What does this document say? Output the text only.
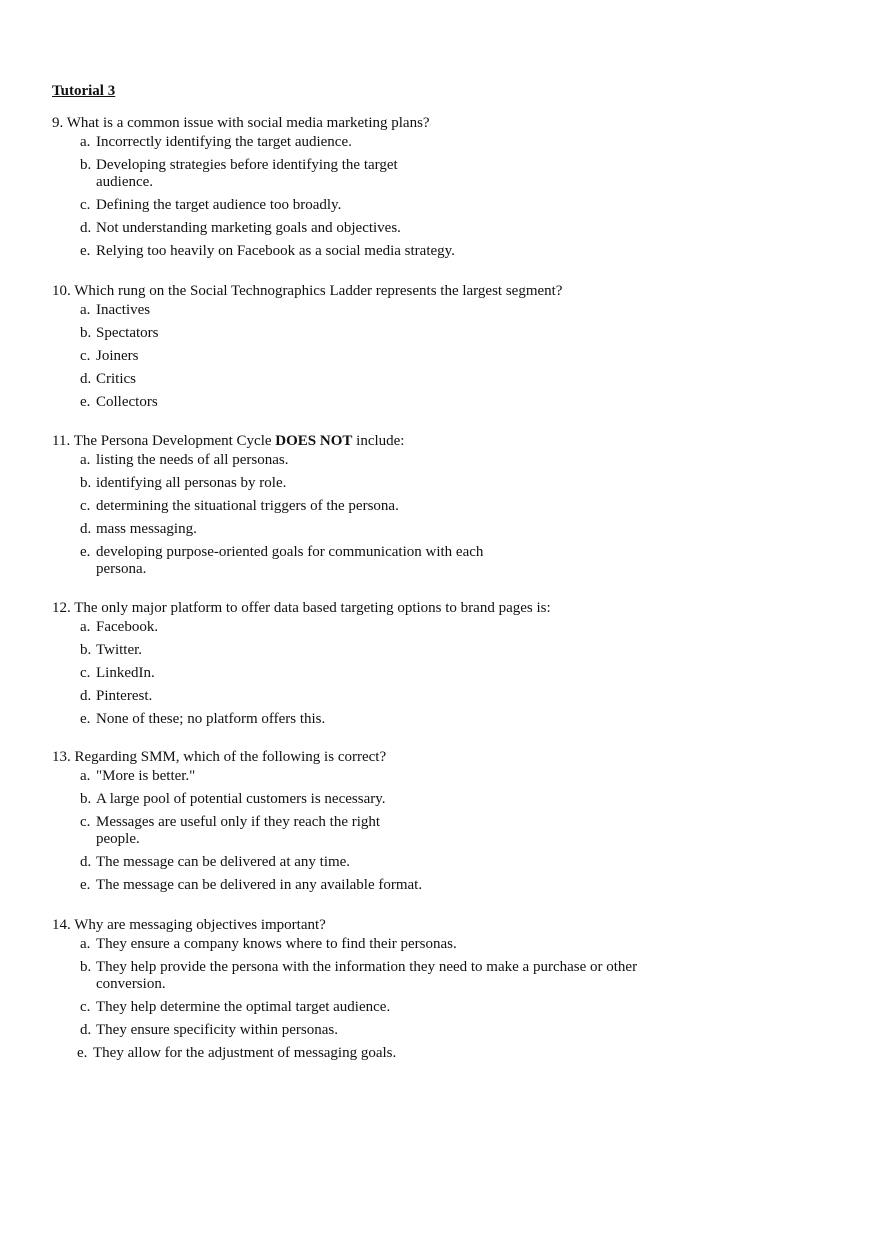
Tutorial 3

9. What is a common issue with social media marketing plans?

a. Incorrectly identifying the target audience.
b. Developing strategies before identifying the target audience.
c. Defining the target audience too broadly.
d. Not understanding marketing goals and objectives.
e. Relying too heavily on Facebook as a social media strategy.

10. Which rung on the Social Technographics Ladder represents the largest segment?

a. Inactives
b. Spectators
c. Joiners
d. Critics
e. Collectors

11. The Persona Development Cycle DOES NOT include:

a. listing the needs of all personas.
b. identifying all personas by role.
c. determining the situational triggers of the persona.
d. mass messaging.
e. developing purpose-oriented goals for communication with each persona.

12. The only major platform to offer data based targeting options to brand pages is:

a. Facebook.
b. Twitter.
c. LinkedIn.
d. Pinterest.
e. None of these; no platform offers this.

13. Regarding SMM, which of the following is correct?

a. "More is better."
b. A large pool of potential customers is necessary.
c. Messages are useful only if they reach the right people.
d. The message can be delivered at any time.
e. The message can be delivered in any available format.

14. Why are messaging objectives important?

a. They ensure a company knows where to find their personas.
b. They help provide the persona with the information they need to make a purchase or other conversion.
c. They help determine the optimal target audience.
d. They ensure specificity within personas.
e. They allow for the adjustment of messaging goals.
